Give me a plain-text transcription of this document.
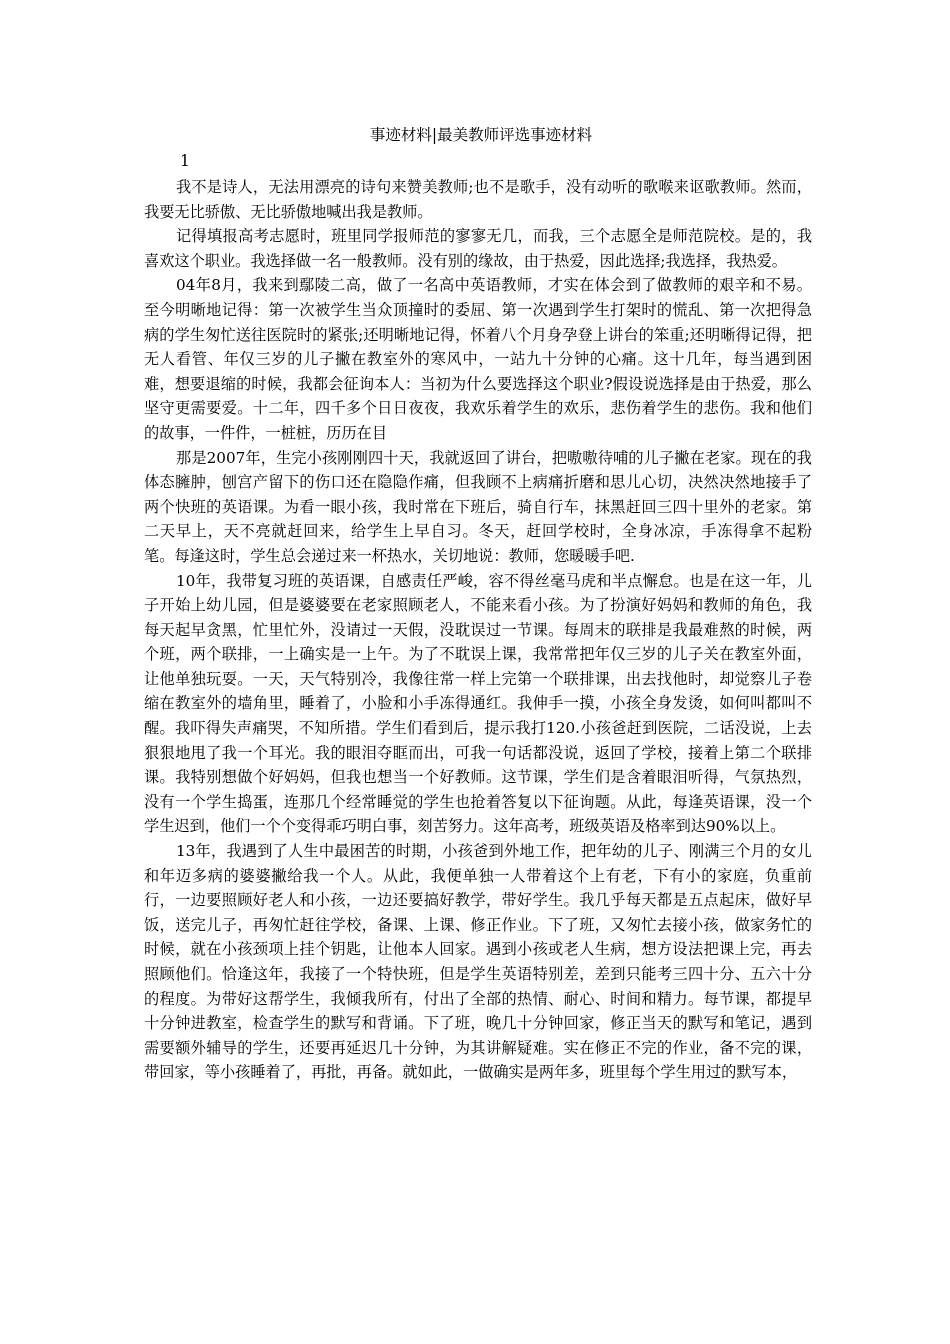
事迹材料|最美教师评选事迹材料
1

我不是诗人，无法用漂亮的诗句来赞美教师;也不是歌手，没有动听的歌喉来讴歌教师。然而，我要无比骄傲、无比骄傲地喊出我是教师。

记得填报高考志愿时，班里同学报师范的寥寥无几，而我，三个志愿全是师范院校。是的，我喜欢这个职业。我选择做一名一般教师。没有别的缘故，由于热爱，因此选择;我选择，我热爱。

04年8月，我来到鄢陵二高，做了一名高中英语教师，才实在体会到了做教师的艰辛和不易。至今明晰地记得：第一次被学生当众顶撞时的委屈、第一次遇到学生打架时的慌乱、第一次把得急病的学生匆忙送往医院时的紧张;还明晰地记得，怀着八个月身孕登上讲台的笨重;还明晰得记得，把无人看管、年仅三岁的儿子撇在教室外的寒风中，一站九十分钟的心痛。这十几年，每当遇到困难，想要退缩的时候，我都会征询本人：当初为什么要选择这个职业?假设说选择是由于热爱，那么坚守更需要爱。十二年，四千多个日日夜夜，我欢乐着学生的欢乐，悲伤着学生的悲伤。我和他们的故事，一件件，一桩桩，历历在目

那是2007年，生完小孩刚刚四十天，我就返回了讲台，把嗷嗷待哺的儿子撇在老家。现在的我体态臃肿，刨宫产留下的伤口还在隐隐作痛，但我顾不上病痛折磨和思儿心切，决然决然地接手了两个快班的英语课。为看一眼小孩，我时常在下班后，骑自行车，抹黑赶回三四十里外的老家。第二天早上，天不亮就赶回来，给学生上早自习。冬天，赶回学校时，全身冰凉，手冻得拿不起粉笔。每逢这时，学生总会递过来一杯热水，关切地说：教师，您暖暖手吧.

10年，我带复习班的英语课，自感责任严峻，容不得丝毫马虎和半点懈怠。也是在这一年，儿子开始上幼儿园，但是婆婆要在老家照顾老人，不能来看小孩。为了扮演好妈妈和教师的角色，我每天起早贪黑，忙里忙外，没请过一天假，没耽误过一节课。每周末的联排是我最难熬的时候，两个班，两个联排，一上确实是一上午。为了不耽误上课，我常常把年仅三岁的儿子关在教室外面，让他单独玩耍。一天，天气特别冷，我像往常一样上完第一个联排课，出去找他时，却觉察儿子卷缩在教室外的墙角里，睡着了，小脸和小手冻得通红。我伸手一摸，小孩全身发烫，如何叫都叫不醒。我吓得失声痛哭，不知所措。学生们看到后，提示我打120.小孩爸赶到医院，二话没说，上去狠狠地甩了我一个耳光。我的眼泪夺眶而出，可我一句话都没说，返回了学校，接着上第二个联排课。我特别想做个好妈妈，但我也想当一个好教师。这节课，学生们是含着眼泪听得，气氛热烈，没有一个学生捣蛋，连那几个经常睡觉的学生也抢着答复以下征询题。从此，每逢英语课，没一个学生迟到，他们一个个变得乖巧明白事，刻苦努力。这年高考，班级英语及格率到达90%以上。

13年，我遇到了人生中最困苦的时期，小孩爸到外地工作，把年幼的儿子、刚满三个月的女儿和年迈多病的婆婆撇给我一个人。从此，我便单独一人带着这个上有老，下有小的家庭，负重前行，一边要照顾好老人和小孩，一边还要搞好教学，带好学生。我几乎每天都是五点起床，做好早饭，送完儿子，再匆忙赶往学校，备课、上课、修正作业。下了班，又匆忙去接小孩，做家务忙的时候，就在小孩颈项上挂个钥匙，让他本人回家。遇到小孩或老人生病，想方设法把课上完，再去照顾他们。恰逢这年，我接了一个特快班，但是学生英语特别差，差到只能考三四十分、五六十分的程度。为带好这帮学生，我倾我所有，付出了全部的热情、耐心、时间和精力。每节课，都提早十分钟进教室，检查学生的默写和背诵。下了班，晚几十分钟回家，修正当天的默写和笔记，遇到需要额外辅导的学生，还要再延迟几十分钟，为其讲解疑难。实在修正不完的作业，备不完的课，带回家，等小孩睡着了，再批，再备。就如此，一做确实是两年多，班里每个学生用过的默写本，
